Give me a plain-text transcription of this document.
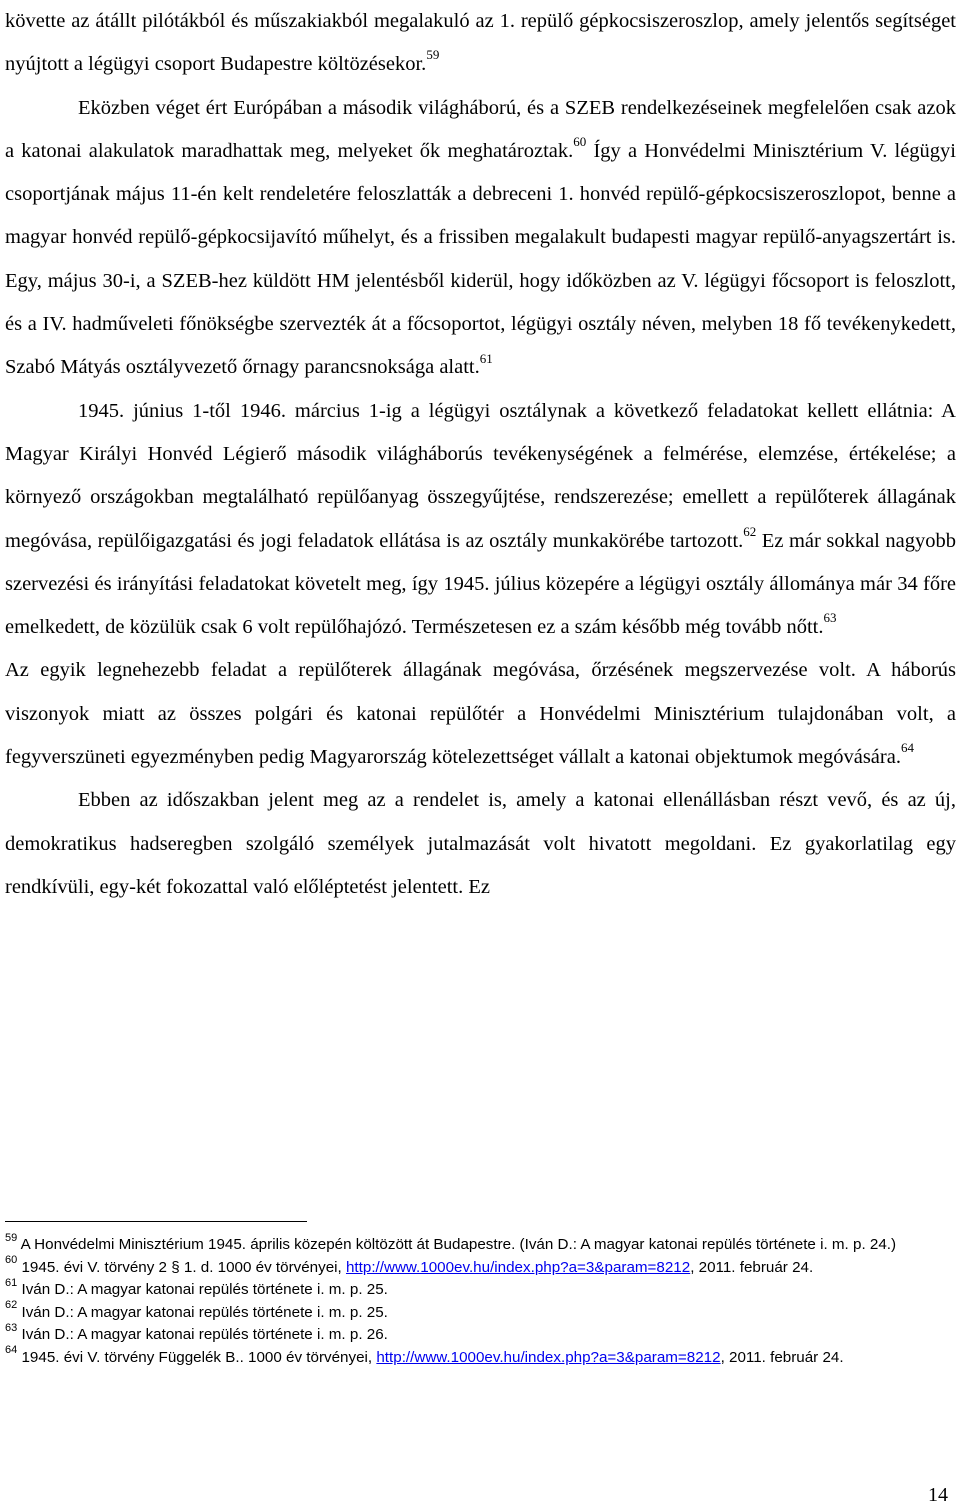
követte az átállt pilótákból és műszakiakból megalakuló az 1. repülő gépkocsiszeroszlop, amely jelentős segítséget nyújtott a légügyi csoport Budapestre költözésekor.$^{59}$

Eközben véget ért Európában a második világháború, és a SZEB rendelkezéseinek megfelelően csak azok a katonai alakulatok maradhattak meg, melyeket ők meghatároztak.$^{60}$ Így a Honvédelmi Minisztérium V. légügyi csoportjának május 11-én kelt rendeletére feloszlatták a debreceni 1. honvéd repülő-gépkocsiszeroszlopot, benne a magyar honvéd repülő-gépkocsijavító műhelyt, és a frissiben megalakult budapesti magyar repülő-anyagszertárt is. Egy, május 30-i, a SZEB-hez küldött HM jelentésből kiderül, hogy időközben az V. légügyi főcsoport is feloszlott, és a IV. hadműveleti főnökségbe szervezték át a főcsoportot, légügyi osztály néven, melyben 18 fő tevékenykedett, Szabó Mátyás osztályvezető őrnagy parancsnoksága alatt.$^{61}$

1945. június 1-től 1946. március 1-ig a légügyi osztálynak a következő feladatokat kellett ellátnia: A Magyar Királyi Honvéd Légierő második világháborús tevékenységének a felmérése, elemzése, értékelése; a környező országokban megtalálható repülőanyag összegyűjtése, rendszerezése; emellett a repülőterek állagának megóvása, repülőigazgatási és jogi feladatok ellátása is az osztály munkakörébe tartozott.$^{62}$ Ez már sokkal nagyobb szervezési és irányítási feladatokat követelt meg, így 1945. július közepére a légügyi osztály állománya már 34 főre emelkedett, de közülük csak 6 volt repülőhajózó. Természetesen ez a szám később még tovább nőtt.$^{63}$

Az egyik legnehezebb feladat a repülőterek állagának megóvása, őrzésének megszervezése volt. A háborús viszonyok miatt az összes polgári és katonai repülőtér a Honvédelmi Minisztérium tulajdonában volt, a fegyverszüneti egyezményben pedig Magyarország kötelezettséget vállalt a katonai objektumok megóvására.$^{64}$

Ebben az időszakban jelent meg az a rendelet is, amely a katonai ellenállásban részt vevő, és az új, demokratikus hadseregben szolgáló személyek jutalmazását volt hivatott megoldani. Ez gyakorlatilag egy rendkívüli, egy-két fokozattal való előléptetést jelentett. Ez

$^{59}$ A Honvédelmi Minisztérium 1945. április közepén költözött át Budapestre. (Iván D.: A magyar katonai repülés története i. m. p. 24.)

$^{60}$ 1945. évi V. törvény 2 § 1. d. 1000 év törvényei, http://www.1000ev.hu/index.php?a=3&param=8212, 2011. február 24.

$^{61}$ Iván D.: A magyar katonai repülés története i. m. p. 25.

$^{62}$ Iván D.: A magyar katonai repülés története i. m. p. 25.

$^{63}$ Iván D.: A magyar katonai repülés története i. m. p. 26.

$^{64}$ 1945. évi V. törvény Függelék B.. 1000 év törvényei, http://www.1000ev.hu/index.php?a=3&param=8212, 2011. február 24.

14
